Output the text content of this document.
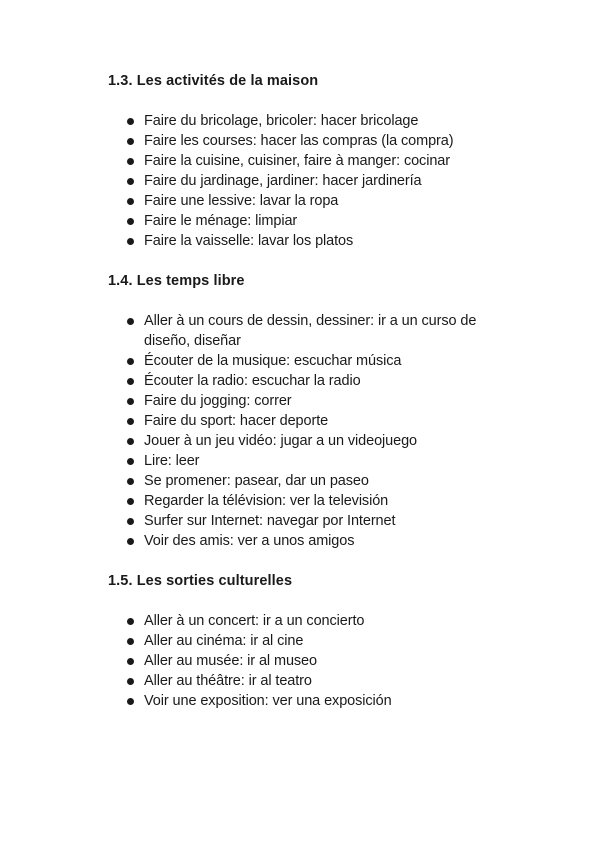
1.3. Les activités de la maison
Faire du bricolage, bricoler: hacer bricolage
Faire les courses: hacer las compras (la compra)
Faire la cuisine, cuisiner, faire à manger: cocinar
Faire du jardinage, jardiner: hacer jardinería
Faire une lessive: lavar la ropa
Faire le ménage: limpiar
Faire la vaisselle: lavar los platos
1.4. Les temps libre
Aller à un cours de dessin, dessiner: ir a un curso de diseño, diseñar
Écouter de la musique: escuchar música
Écouter la radio: escuchar la radio
Faire du jogging: correr
Faire du sport: hacer deporte
Jouer à un jeu vidéo: jugar a un videojuego
Lire: leer
Se promener: pasear, dar un paseo
Regarder la télévision: ver la televisión
Surfer sur Internet: navegar por Internet
Voir des amis: ver a unos amigos
1.5. Les sorties culturelles
Aller à un concert: ir a un concierto
Aller au cinéma: ir al cine
Aller au musée: ir al museo
Aller au théâtre: ir al teatro
Voir une exposition: ver una exposición
